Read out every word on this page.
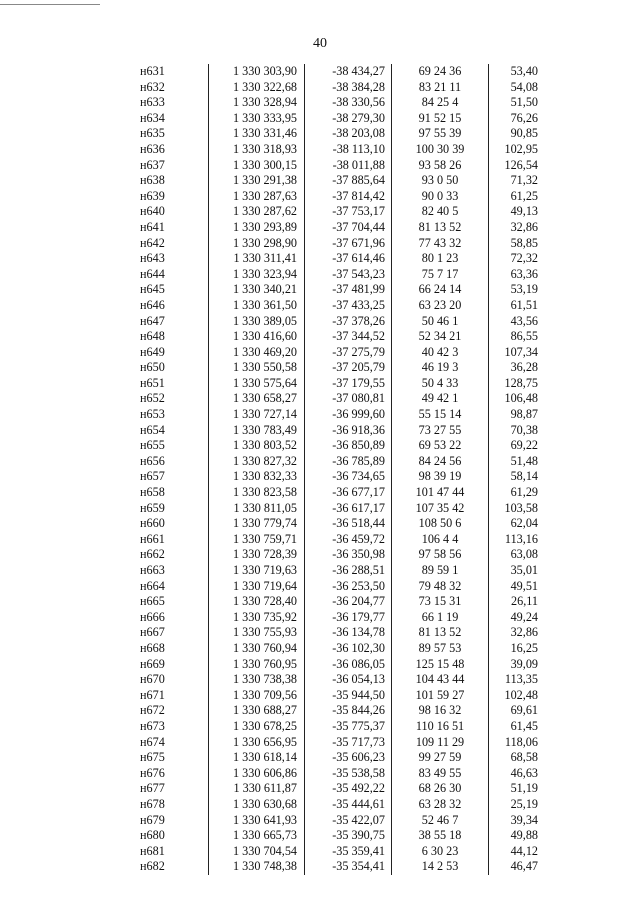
40
н631	1 330 303,90	-38 434,27	69 24 36	53,40
н632	1 330 322,68	-38 384,28	83 21 11	54,08
н633	1 330 328,94	-38 330,56	84 25 4	51,50
н634	1 330 333,95	-38 279,30	91 52 15	76,26
н635	1 330 331,46	-38 203,08	97 55 39	90,85
н636	1 330 318,93	-38 113,10	100 30 39	102,95
н637	1 330 300,15	-38 011,88	93 58 26	126,54
н638	1 330 291,38	-37 885,64	93 0 50	71,32
н639	1 330 287,63	-37 814,42	90 0 33	61,25
н640	1 330 287,62	-37 753,17	82 40 5	49,13
н641	1 330 293,89	-37 704,44	81 13 52	32,86
н642	1 330 298,90	-37 671,96	77 43 32	58,85
н643	1 330 311,41	-37 614,46	80 1 23	72,32
н644	1 330 323,94	-37 543,23	75 7 17	63,36
н645	1 330 340,21	-37 481,99	66 24 14	53,19
н646	1 330 361,50	-37 433,25	63 23 20	61,51
н647	1 330 389,05	-37 378,26	50 46 1	43,56
н648	1 330 416,60	-37 344,52	52 34 21	86,55
н649	1 330 469,20	-37 275,79	40 42 3	107,34
н650	1 330 550,58	-37 205,79	46 19 3	36,28
н651	1 330 575,64	-37 179,55	50 4 33	128,75
н652	1 330 658,27	-37 080,81	49 42 1	106,48
н653	1 330 727,14	-36 999,60	55 15 14	98,87
н654	1 330 783,49	-36 918,36	73 27 55	70,38
н655	1 330 803,52	-36 850,89	69 53 22	69,22
н656	1 330 827,32	-36 785,89	84 24 56	51,48
н657	1 330 832,33	-36 734,65	98 39 19	58,14
н658	1 330 823,58	-36 677,17	101 47 44	61,29
н659	1 330 811,05	-36 617,17	107 35 42	103,58
н660	1 330 779,74	-36 518,44	108 50 6	62,04
н661	1 330 759,71	-36 459,72	106 4 4	113,16
н662	1 330 728,39	-36 350,98	97 58 56	63,08
н663	1 330 719,63	-36 288,51	89 59 1	35,01
н664	1 330 719,64	-36 253,50	79 48 32	49,51
н665	1 330 728,40	-36 204,77	73 15 31	26,11
н666	1 330 735,92	-36 179,77	66 1 19	49,24
н667	1 330 755,93	-36 134,78	81 13 52	32,86
н668	1 330 760,94	-36 102,30	89 57 53	16,25
н669	1 330 760,95	-36 086,05	125 15 48	39,09
н670	1 330 738,38	-36 054,13	104 43 44	113,35
н671	1 330 709,56	-35 944,50	101 59 27	102,48
н672	1 330 688,27	-35 844,26	98 16 32	69,61
н673	1 330 678,25	-35 775,37	110 16 51	61,45
н674	1 330 656,95	-35 717,73	109 11 29	118,06
н675	1 330 618,14	-35 606,23	99 27 59	68,58
н676	1 330 606,86	-35 538,58	83 49 55	46,63
н677	1 330 611,87	-35 492,22	68 26 30	51,19
н678	1 330 630,68	-35 444,61	63 28 32	25,19
н679	1 330 641,93	-35 422,07	52 46 7	39,34
н680	1 330 665,73	-35 390,75	38 55 18	49,88
н681	1 330 704,54	-35 359,41	6 30 23	44,12
н682	1 330 748,38	-35 354,41	14 2 53	46,47
